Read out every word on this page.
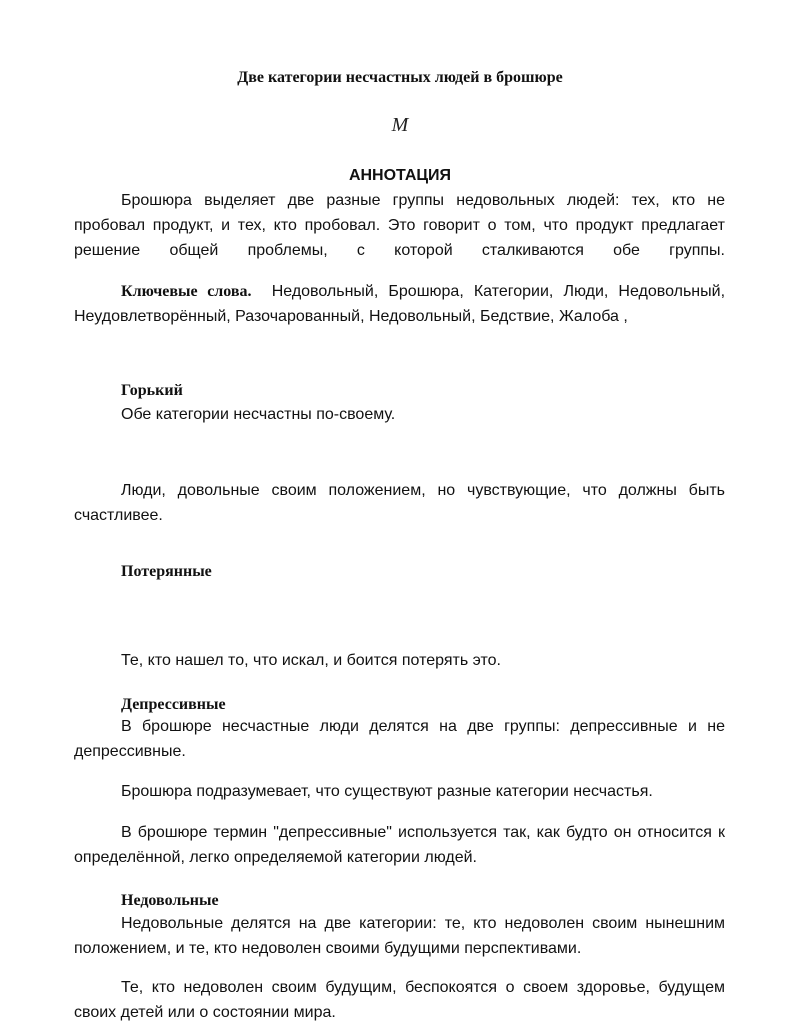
Две категории несчастных людей в брошюре
M
АННОТАЦИЯ

Брошюра выделяет две разные группы недовольных людей: тех, кто не пробовал продукт, и тех, кто пробовал. Это говорит о том, что продукт предлагает решение общей проблемы, с которой сталкиваются обе группы.

Ключевые слова. Недовольный, Брошюра, Категории, Люди, Недовольный, Неудовлетворённый, Разочарованный, Недовольный, Бедствие, Жалоба ,

Горький

Обе категории несчастны по-своему.

Люди, довольные своим положением, но чувствующие, что должны быть счастливее.

Потерянные

Те, кто нашел то, что искал, и боится потерять это.

Депрессивные

В брошюре несчастные люди делятся на две группы: депрессивные и не депрессивные.

Брошюра подразумевает, что существуют разные категории несчастья.

В брошюре термин "депрессивные" используется так, как будто он относится к определённой, легко определяемой категории людей.

Недовольные

Недовольные делятся на две категории: те, кто недоволен своим нынешним положением, и те, кто недоволен своими будущими перспективами.

Те, кто недоволен своим будущим, беспокоятся о своем здоровье, будущем своих детей или о состоянии мира.
